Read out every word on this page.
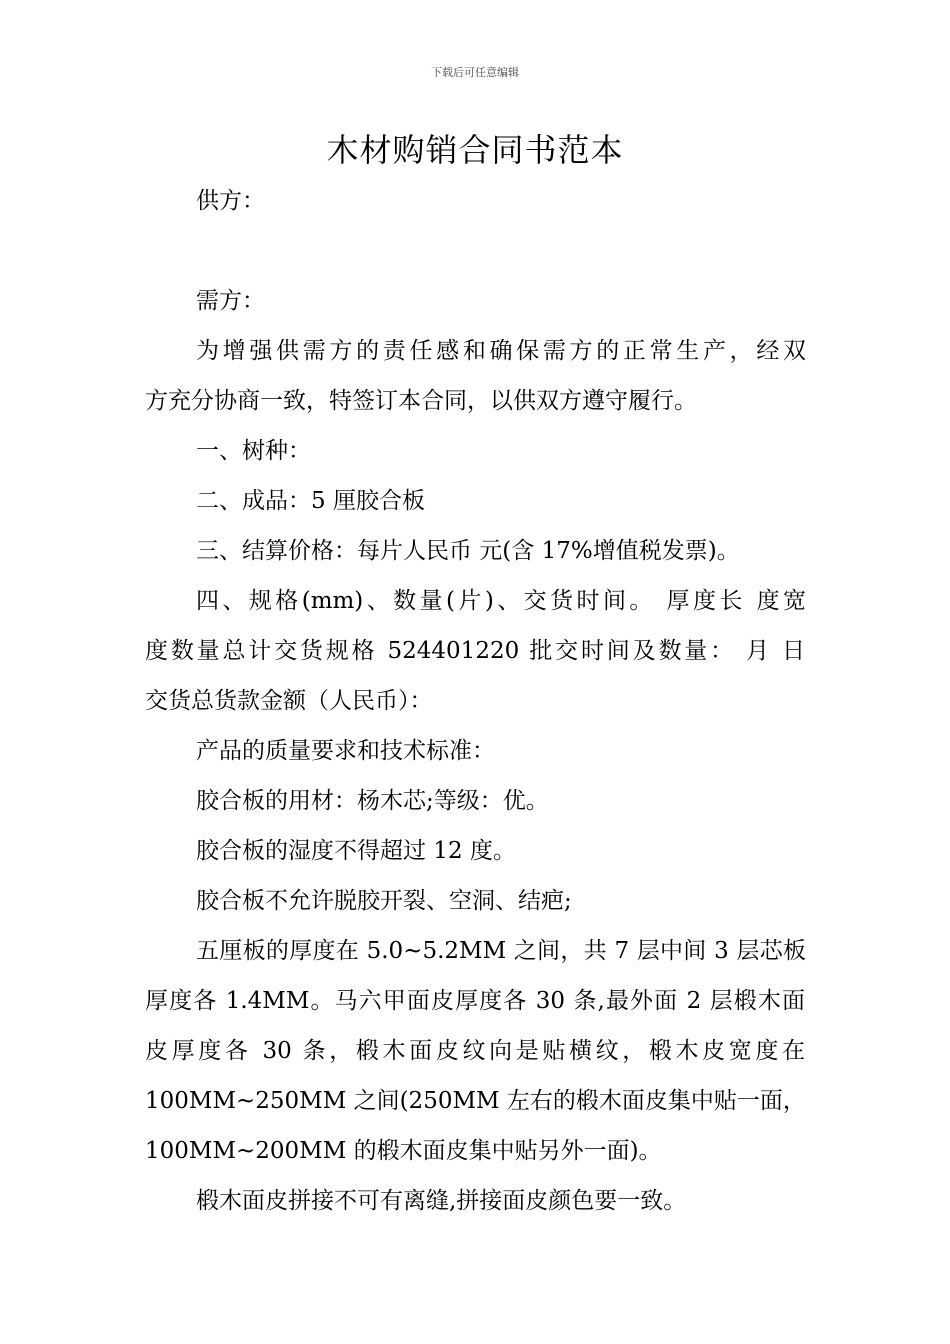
下载后可任意编辑
木材购销合同书范本
供方：
需方：
为增强供需方的责任感和确保需方的正常生产，经双
方充分协商一致，特签订本合同，以供双方遵守履行。
一、树种：
二、成品：5 厘胶合板
三、结算价格：每片人民币 元(含 17%增值税发票)。
四、规格(mm)、数量(片)、交货时间。 厚度长 度宽
度数量总计交货规格 524401220 批交时间及数量： 月 日
交货总货款金额（人民币）：
产品的质量要求和技术标准：
胶合板的用材：杨木芯;等级：优。
胶合板的湿度不得超过 12 度。
胶合板不允许脱胶开裂、空洞、结疤;
五厘板的厚度在 5.0~5.2MM 之间，共 7 层中间 3 层芯板
厚度各 1.4MM。马六甲面皮厚度各 30 条,最外面 2 层椴木面
皮厚度各 30 条，椴木面皮纹向是贴横纹，椴木皮宽度在
100MM~250MM 之间(250MM 左右的椴木面皮集中贴一面，
100MM~200MM 的椴木面皮集中贴另外一面)。
椴木面皮拼接不可有离缝,拼接面皮颜色要一致。
